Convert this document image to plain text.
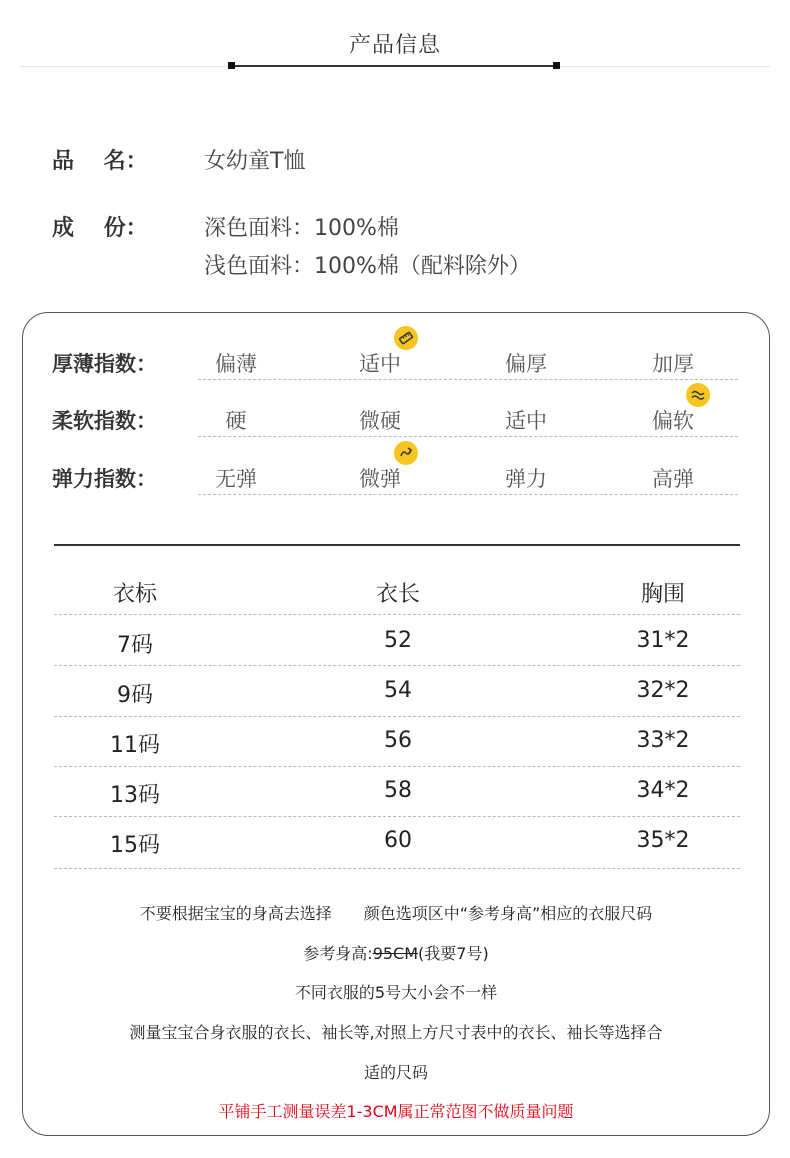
产品信息
品　 名：	女幼童T恤
成　 份：	深色面料：100%棉
浅色面料：100%棉（配料除外）
厚薄指数：	偏薄	适中	偏厚	加厚
柔软指数：	硬	微硬	适中	偏软
弹力指数：	无弹	微弹	弹力	高弹
衣标	衣长	胸围
7码	52	31*2
9码	54	32*2
11码	56	33*2
13码	58	34*2
15码	60	35*2
不要根据宝宝的身高去选择　　颜色选项区中“参考身高”相应的衣服尺码
参考身高:95CM(我要7号)
不同衣服的5号大小会不一样
测量宝宝合身衣服的衣长、袖长等,对照上方尺寸表中的衣长、袖长等选择合
适的尺码
平铺手工测量误差1-3CM属正常范图不做质量问题
